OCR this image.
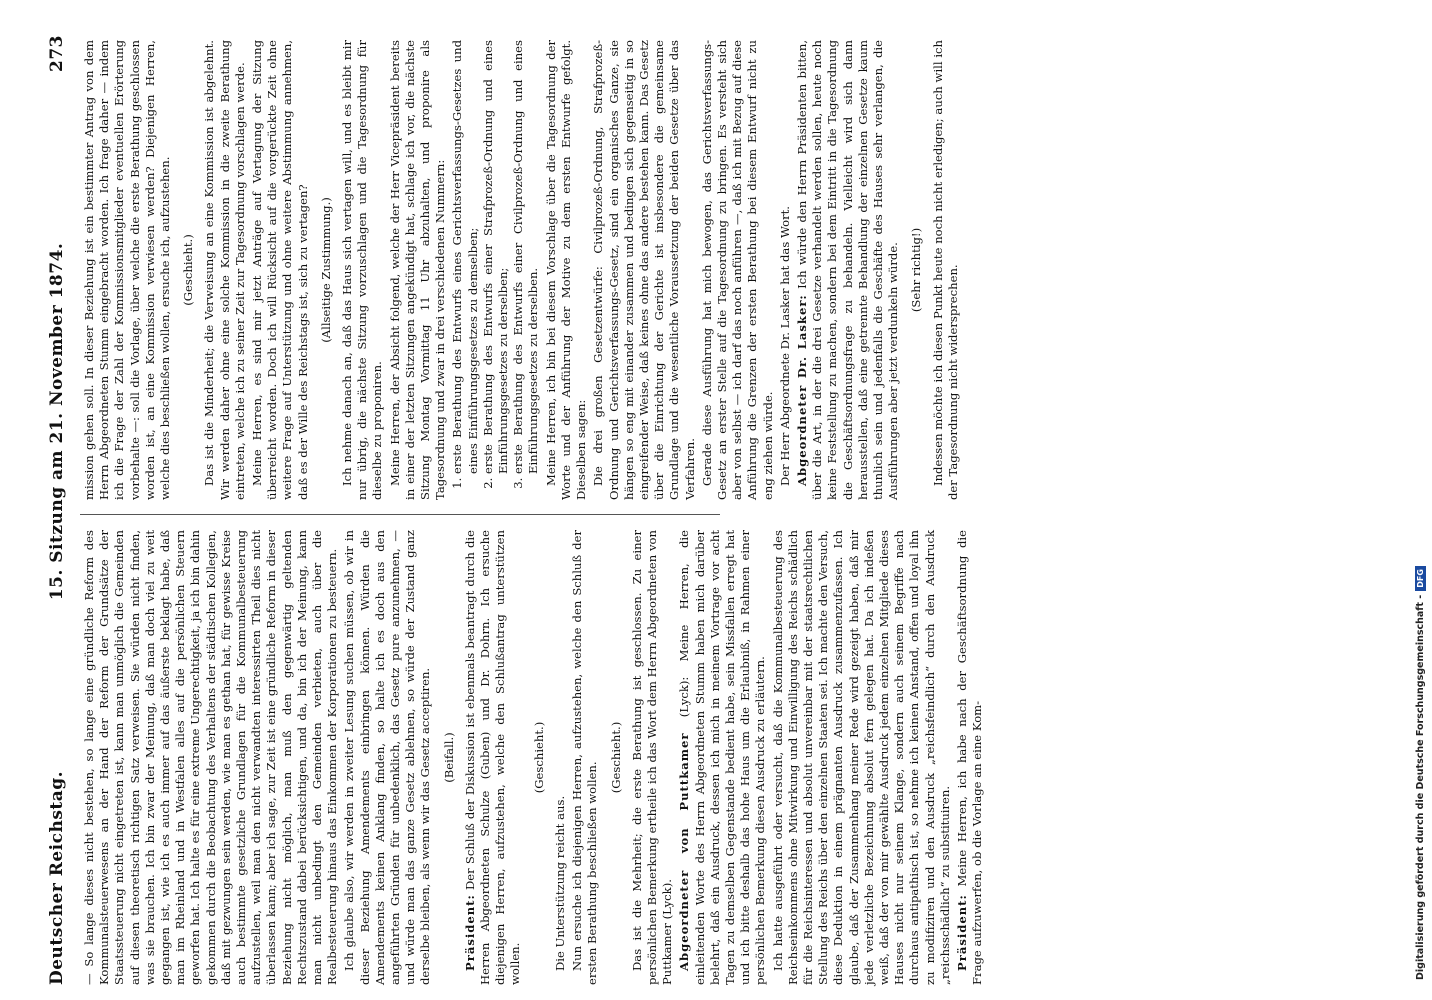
Deutscher Reichstag.
15. Sitzung am 21. November 1874.
273

— So lange dieses nicht bestehen, so lange eine gründliche Reform des Kommunalsteuerwesens an der Hand der Reform der Grundsätze der Staatssteuerung nicht eingetreten ist, kann man unmöglich die Gemeinden auf diesen theoretisch richtigen Satz verweisen. Sie würden nicht finden, was sie brauchen. Ich bin zwar der Meinung, daß man doch viel zu weit gegangen ist, wie ich es auch immer auf das äußerste beklagt habe, daß man im Rheinland und in Westfalen alles auf die persönlichen Steuern geworfen hat. Ich halte es für eine extreme Ungerechtigkeit, ja ich bin dahin gekommen durch die Beobachtung des Verhaltens der städtischen Kollegien, daß mit gezwungen sein werden, wie man es gethan hat, für gewisse Kreise auch bestimmte gesetzliche Grundlagen für die Kommunalbesteuerung aufzustellen, weil man den nicht verwandten interessirten Theil dies nicht überlassen kann; aber ich sage, zur Zeit ist eine gründliche Reform in dieser Beziehung nicht möglich, man muß den gegenwärtig geltenden Rechtszustand dabei berücksichtigen, und da, bin ich der Meinung, kann man nicht unbedingt den Gemeinden verbieten, auch über die Realbesteuerung hinaus das Einkommen der Korporationen zu besteuern. Ich glaube also, wir werden in zweiter Lesung suchen müssen, ob wir in dieser Beziehung Amendements einbringen können. Würden die Amendements keinen Anklang finden, so halte ich es doch aus den angeführten Gründen für unbedenklich, das Gesetz pure anzunehmen, — und würde man das ganze Gesetz ablehnen, so würde der Zustand ganz derselbe bleiben, als wenn wir das Gesetz acceptiren. (Beifall.)

Präsident: Der Schluß der Diskussion ist ebenmals beantragt durch die Herren Abgeordneten Schulze (Guben) und Dr. Dohrn. Ich ersuche diejenigen Herren, aufzustehen, welche den Schlußantrag unterstützen wollen.

(Geschieht.)

Die Unterstützung reicht aus. Nun ersuche ich diejenigen Herren, aufzustehen, welche den Schluß der ersten Berathung beschließen wollen.

(Geschieht.) Das ist die Mehrheit; die erste Berathung ist geschlossen. Zu einer persönlichen Bemerkung ertheile ich das Wort dem Herrn Abgeordneten von Puttkamer (Lyck). Abgeordneter von Puttkamer (Lyck): Meine Herren, die einleitenden Worte des Herrn Abgeordneten Stumm haben mich darüber belehrt, daß ein Ausdruck, dessen ich mich in meinem Vortrage vor acht Tagen zu demselben Gegenstande bedient habe, sein Missfallen erregt hat und ich bitte deshalb das hohe Haus um die Erlaubniß, in Rahmen einer persönlichen Bemerkung diesen Ausdruck zu erläutern. Ich hatte ausgeführt oder versucht, daß die Kommunalbesteuerung des Reichseinkommens ohne Mitwirkung und Einwilligung des Reichs schädlich für die Reichsinteressen und absolut unvereinbar mit der staatsrechtlichen Stellung des Reichs über den einzelnen Staaten sei. Ich machte den Versuch, diese Deduktion in einem prägnanten Ausdruck zusammenzufassen. Ich glaube, daß der Zusammenhang meiner Rede wird gezeigt haben, daß mir jede verletzliche Bezeichnung absolut fern gelegen hat. Da ich indeßen weiß, daß der von mir gewählte Ausdruck jedem einzelnen Mitgliede dieses Hauses nicht nur seinem Klange, sondern auch seinem Begriffe nach durchaus antipathisch ist, so nehme ich keinen Anstand, offen und loyal ihn zu modifiziren und den Ausdruck „reichsfeindlich“ durch den Ausdruck „reichsschädlich“ zu substituiren. Präsident: Meine Herren, ich habe nach der Geschäftsordnung die Frage aufzuwerfen, ob die Vorlage an eine Kom-

mission gehen soll. In dieser Beziehung ist ein bestimmter Antrag von dem Herrn Abgeordneten Stumm eingebracht worden. Ich frage daher — indem ich die Frage der Zahl der Kommissionsmitglieder eventuellen Erörterung vorbehalte —: soll die Vorlage, über welche die erste Berathung geschlossen worden ist, an eine Kommission verwiesen werden? Diejenigen Herren, welche dies beschließen wollen, ersuche ich, aufzustehen. (Geschieht.) Das ist die Minderheit; die Verweisung an eine Kommission ist abgelehnt. Wir werden daher ohne eine solche Kommission in die zweite Berathung eintreten, welche ich zu seiner Zeit zur Tagesordnung vorschlagen werde. Meine Herren, es sind mir jetzt Anträge auf Vertagung der Sitzung überreicht worden. Doch ich will Rücksicht auf die vorgerückte Zeit ohne weitere Frage auf Unterstützung und ohne weitere Abstimmung annehmen, daß es der Wille des Reichstags ist, sich zu vertagen? (Allseitige Zustimmung.) Ich nehme danach an, daß das Haus sich vertagen will, und es bleibt mir nur übrig, die nächste Sitzung vorzuschlagen und die Tagesordnung für dieselbe zu proponiren. Meine Herren, der Absicht folgend, welche der Herr Vicepräsident bereits in einer der letzten Sitzungen angekündigt hat, schlage ich vor, die nächste Sitzung Montag Vormittag 11 Uhr abzuhalten, und proponire als Tagesordnung und zwar in drei verschiedenen Nummern: 1. erste Berathung des Entwurfs eines Gerichtsverfassungs-Gesetzes und eines Einführungsgesetzes zu demselben; 2. erste Berathung des Entwurfs einer Strafprozeß-Ordnung und eines Einführungsgesetzes zu derselben; 3. erste Berathung des Entwurfs einer Civilprozeß-Ordnung und eines Einführungsgesetzes zu derselben. Meine Herren, ich bin bei diesem Vorschlage über die Tagesordnung der Worte und der Anführung der Motive zu dem ersten Entwurfe gefolgt. Dieselben sagen: Die drei großen Gesetzentwürfe: Civilprozeß-Ordnung, Strafprozeß-Ordnung und Gerichtsverfassungs-Gesetz, sind ein organisches Ganze, sie hängen so eng mit einander zusammen und bedingen sich gegenseitig in so eingreifender Weise, daß keines ohne das andere bestehen kann. Das Gesetz über die Einrichtung der Gerichte ist insbesondere die gemeinsame Grundlage und die wesentliche Voraussetzung der beiden Gesetze über das Verfahren. Gerade diese Ausführung hat mich bewogen, das Gerichtsverfassungs-Gesetz an erster Stelle auf die Tagesordnung zu bringen. Es versteht sich aber von selbst — ich darf das noch anführen —, daß ich mit Bezug auf diese Anführung die Grenzen der ersten Berathung bei diesem Entwurf nicht zu eng ziehen würde. Der Herr Abgeordnete Dr. Lasker hat das Wort. Abgeordneter Dr. Lasker: Ich würde den Herrn Präsidenten bitten, über die Art, in der die drei Gesetze verhandelt werden sollen, heute noch keine Feststellung zu machen, sondern bei dem Eintritt in die Tagesordnung die Geschäftsordnungsfrage zu behandeln. Vielleicht wird sich dann herausstellen, daß eine getrennte Behandlung der einzelnen Gesetze kaum thunlich sein und jedenfalls die Geschäfte des Hauses sehr verlangen, die Ausführungen aber jetzt verdunkeln würde. (Sehr richtig!) Indessen möchte ich diesen Punkt heute noch nicht erledigen; auch will ich der Tagesordnung nicht widersprechen.

Digitalisierung gefördert durch die Deutsche Forschungsgemeinschaft -
DFG
